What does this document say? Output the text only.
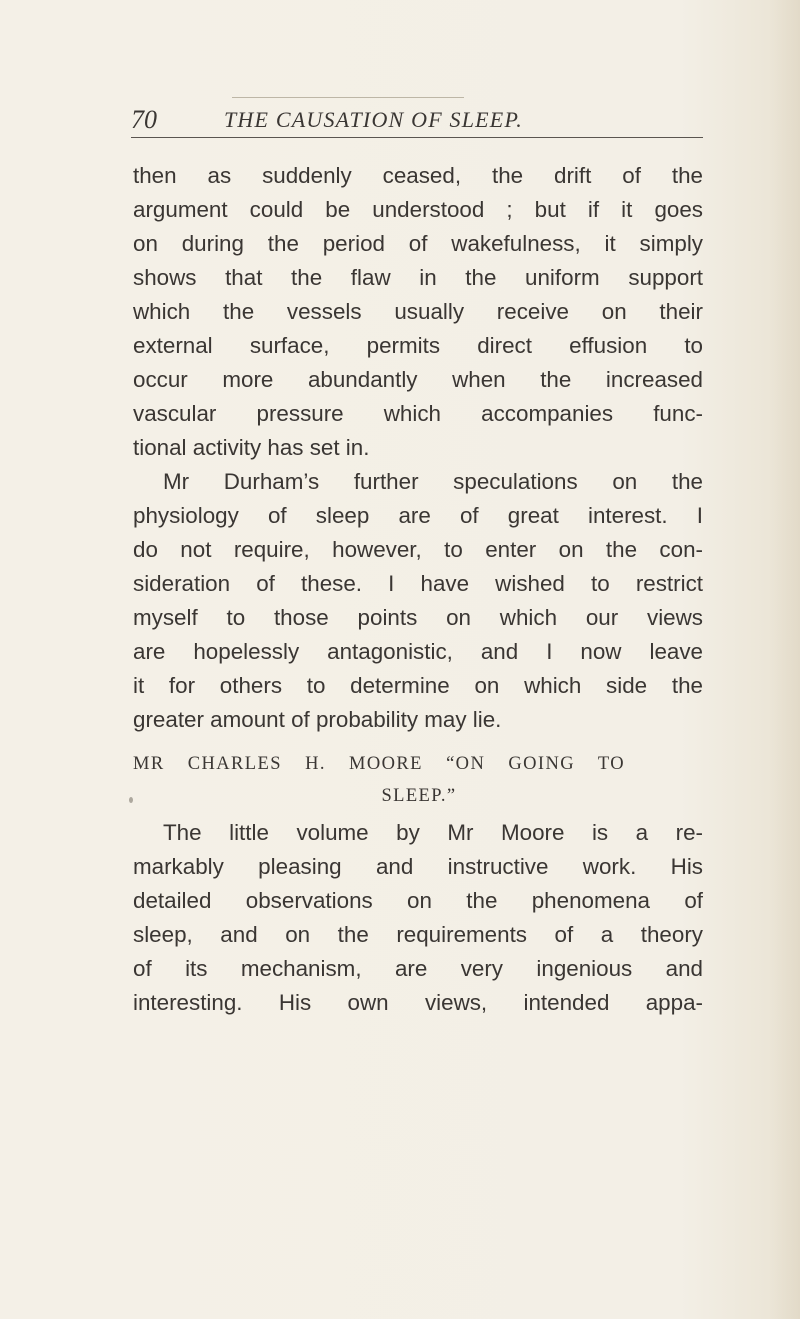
70	THE CAUSATION OF SLEEP.
then as suddenly ceased, the drift of the
argument could be understood ; but if it goes
on during the period of wakefulness, it simply
shows that the flaw in the uniform support
which the vessels usually receive on their
external surface, permits direct effusion to
occur more abundantly when the increased
vascular pressure which accompanies func-
tional activity has set in.
Mr Durham’s further speculations on the
physiology of sleep are of great interest. I
do not require, however, to enter on the con-
sideration of these. I have wished to restrict
myself to those points on which our views
are hopelessly antagonistic, and I now leave
it for others to determine on which side the
greater amount of probability may lie.
MR CHARLES H. MOORE “ON GOING TO
SLEEP.”
The little volume by Mr Moore is a re-
markably pleasing and instructive work. His
detailed observations on the phenomena of
sleep, and on the requirements of a theory
of its mechanism, are very ingenious and
interesting. His own views, intended appa-
